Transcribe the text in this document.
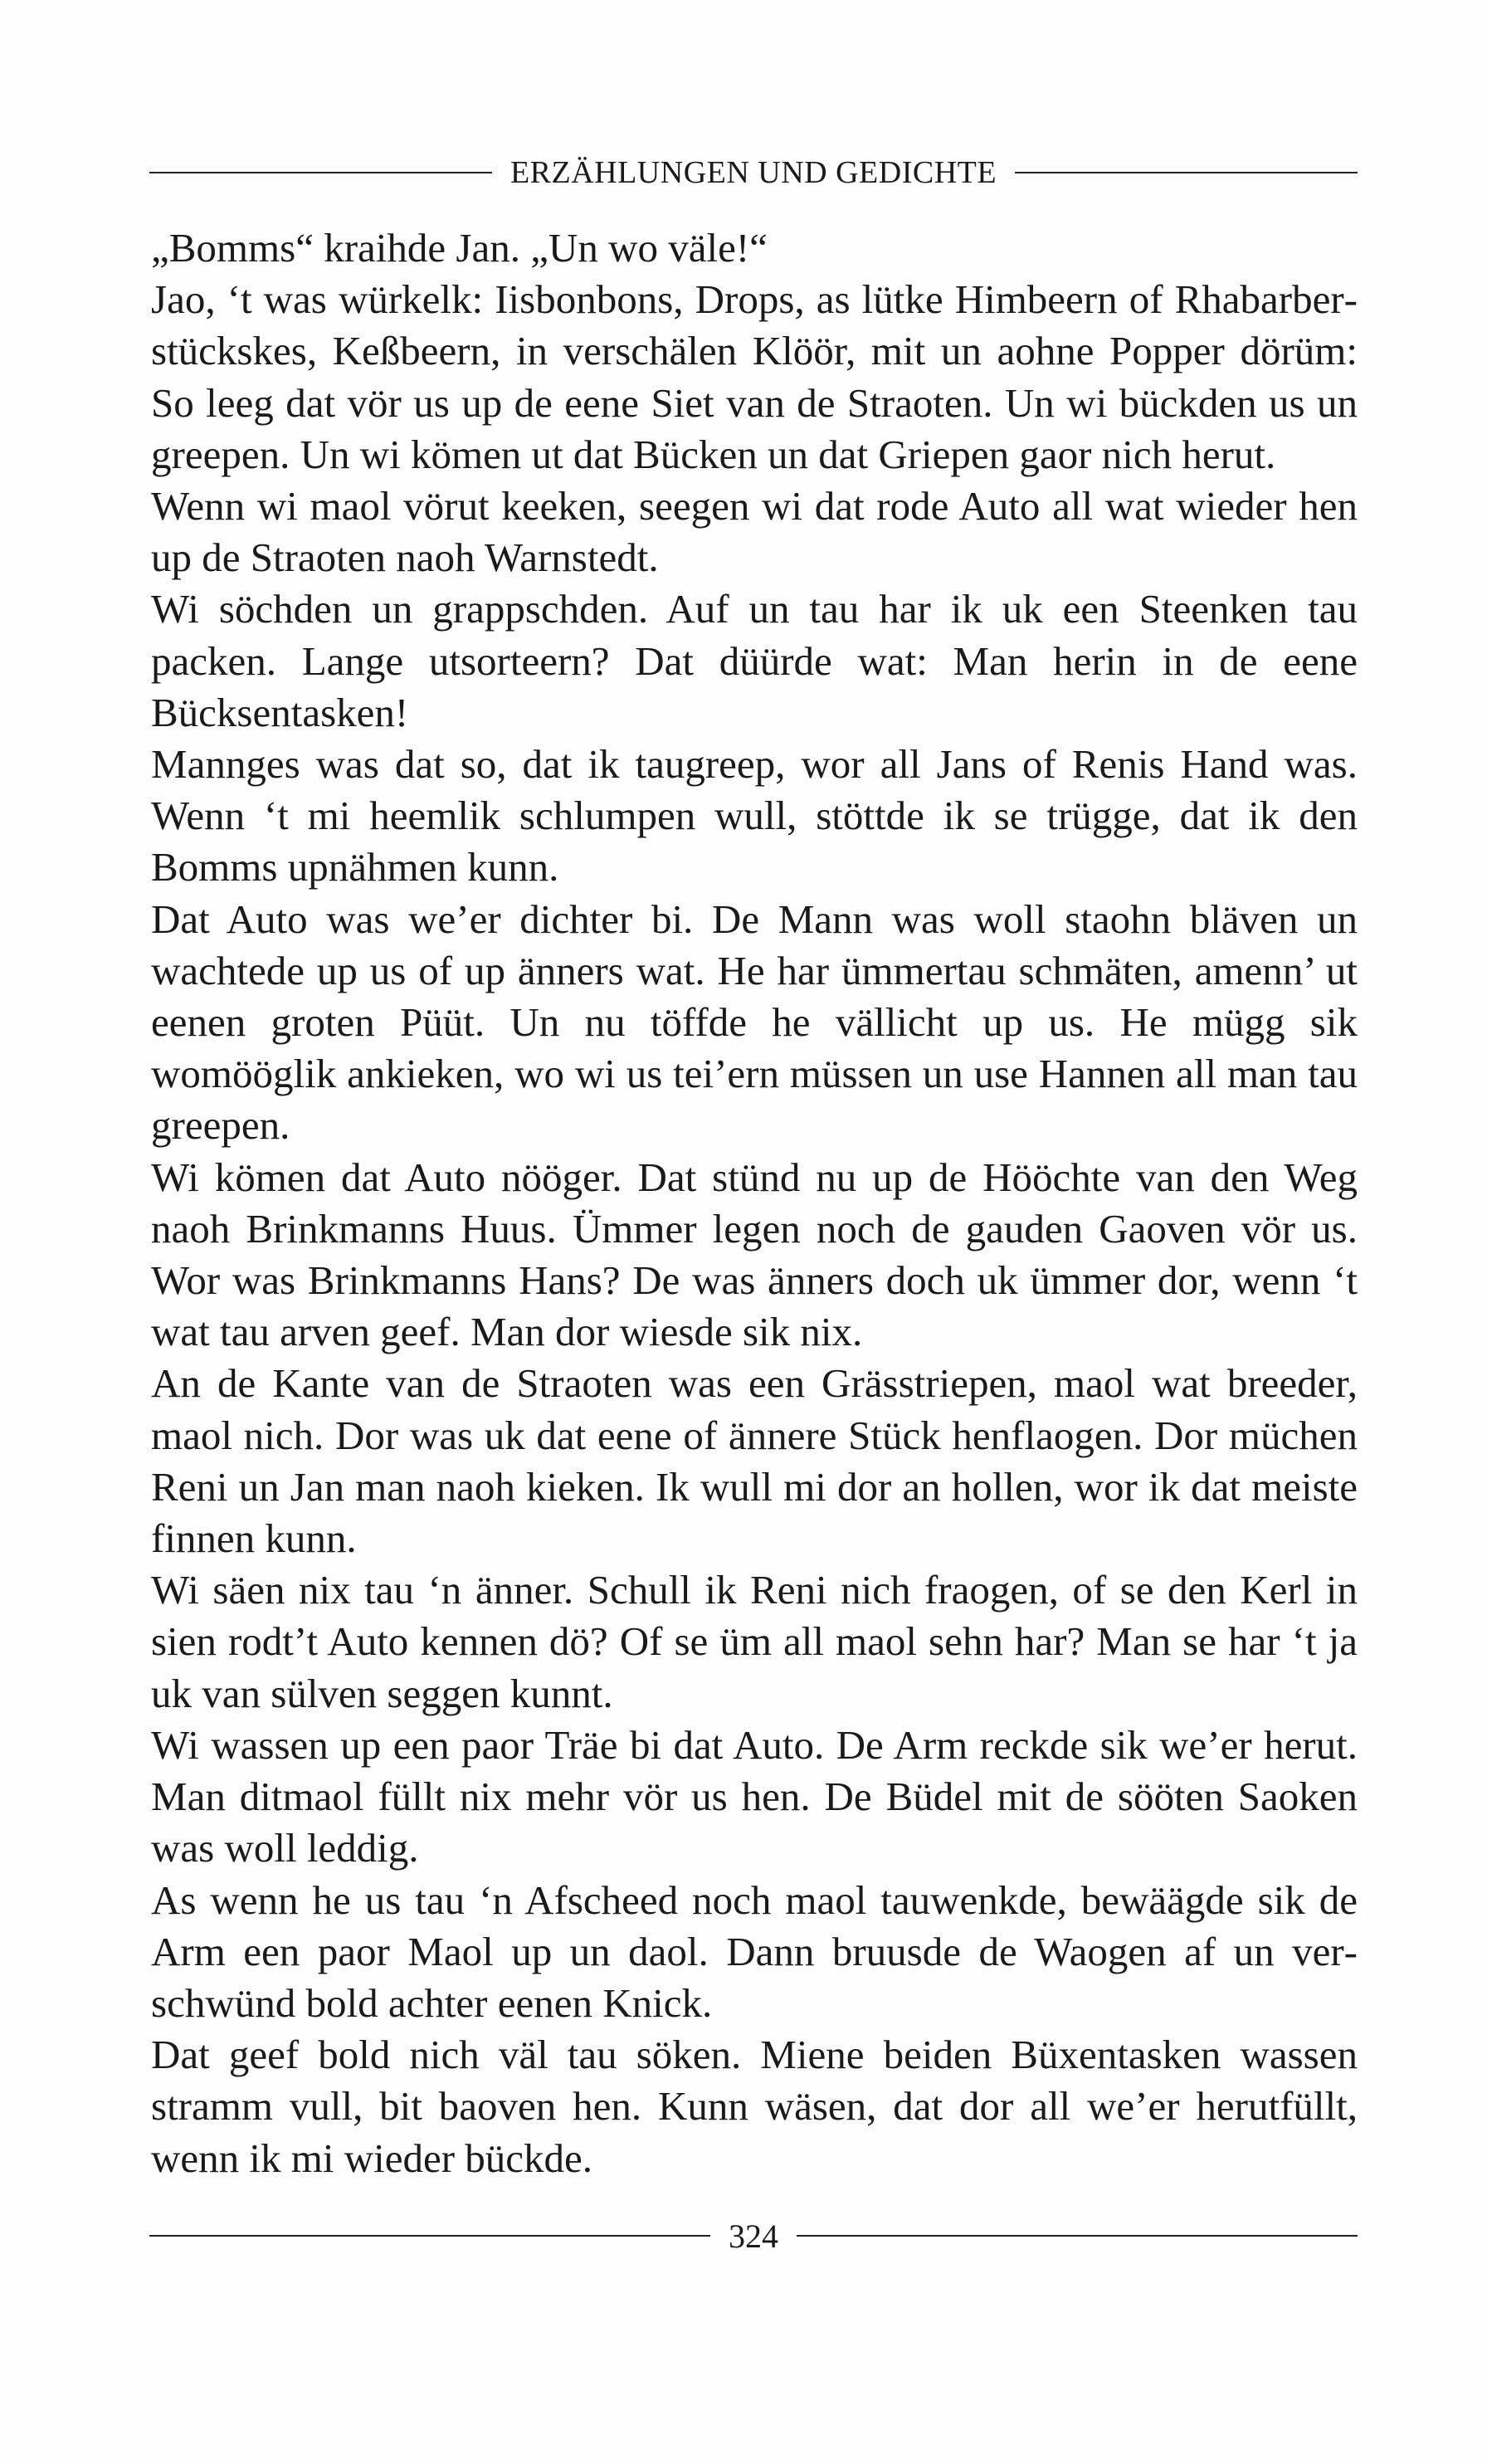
ERZÄHLUNGEN UND GEDICHTE

„Bomms“ kraihde Jan. „Un wo väle!“

Jao, ‘t was würkelk: Iisbonbons, Drops, as lütke Himbeern of Rhabarberstückskes, Keßbeern, in verschälen Klöör, mit un aohne Popper dörüm: So leeg dat vör us up de eene Siet van de Straoten. Un wi bückden us un greepen. Un wi kömen ut dat Bücken un dat Griepen gaor nich herut.

Wenn wi maol vörut keeken, seegen wi dat rode Auto all wat wieder hen up de Straoten naoh Warnstedt.

Wi söchden un grappschden. Auf un tau har ik uk een Steenken tau packen. Lange utsorteern? Dat düürde wat: Man herin in de eene Bücksentasken!

Mannges was dat so, dat ik taugreep, wor all Jans of Renis Hand was. Wenn ‘t mi heemlik schlumpen wull, stöttde ik se trügge, dat ik den Bomms upnähmen kunn.

Dat Auto was we’er dichter bi. De Mann was woll staohn bläven un wachtede up us of up änners wat. He har ümmertau schmäten, amenn’ ut eenen groten Püüt. Un nu töffde he vällicht up us. He mügg sik womööglik ankieken, wo wi us tei’ern müssen un use Hannen all man tau greepen.

Wi kömen dat Auto nööger. Dat stünd nu up de Hööchte van den Weg naoh Brinkmanns Huus. Ümmer legen noch de gauden Gaoven vör us. Wor was Brinkmanns Hans? De was änners doch uk ümmer dor, wenn ‘t wat tau arven geef. Man dor wiesde sik nix.

An de Kante van de Straoten was een Grässtriepen, maol wat breeder, maol nich. Dor was uk dat eene of ännere Stück henflaogen. Dor müchen Reni un Jan man naoh kieken. Ik wull mi dor an hollen, wor ik dat meiste finnen kunn.

Wi säen nix tau ‘n änner. Schull ik Reni nich fraogen, of se den Kerl in sien rodt’t Auto kennen dö? Of se üm all maol sehn har? Man se har ‘t ja uk van sülven seggen kunnt.

Wi wassen up een paor Träe bi dat Auto. De Arm reckde sik we’er herut. Man ditmaol füllt nix mehr vör us hen. De Büdel mit de sööten Saoken was woll leddig.

As wenn he us tau ‘n Afscheed noch maol tauwenkde, bewäägde sik de Arm een paor Maol up un daol. Dann bruusde de Waogen af un verschwünd bold achter eenen Knick.

Dat geef bold nich väl tau söken. Miene beiden Büxentasken wassen stramm vull, bit baoven hen. Kunn wäsen, dat dor all we’er herutfüllt, wenn ik mi wieder bückde.

324
